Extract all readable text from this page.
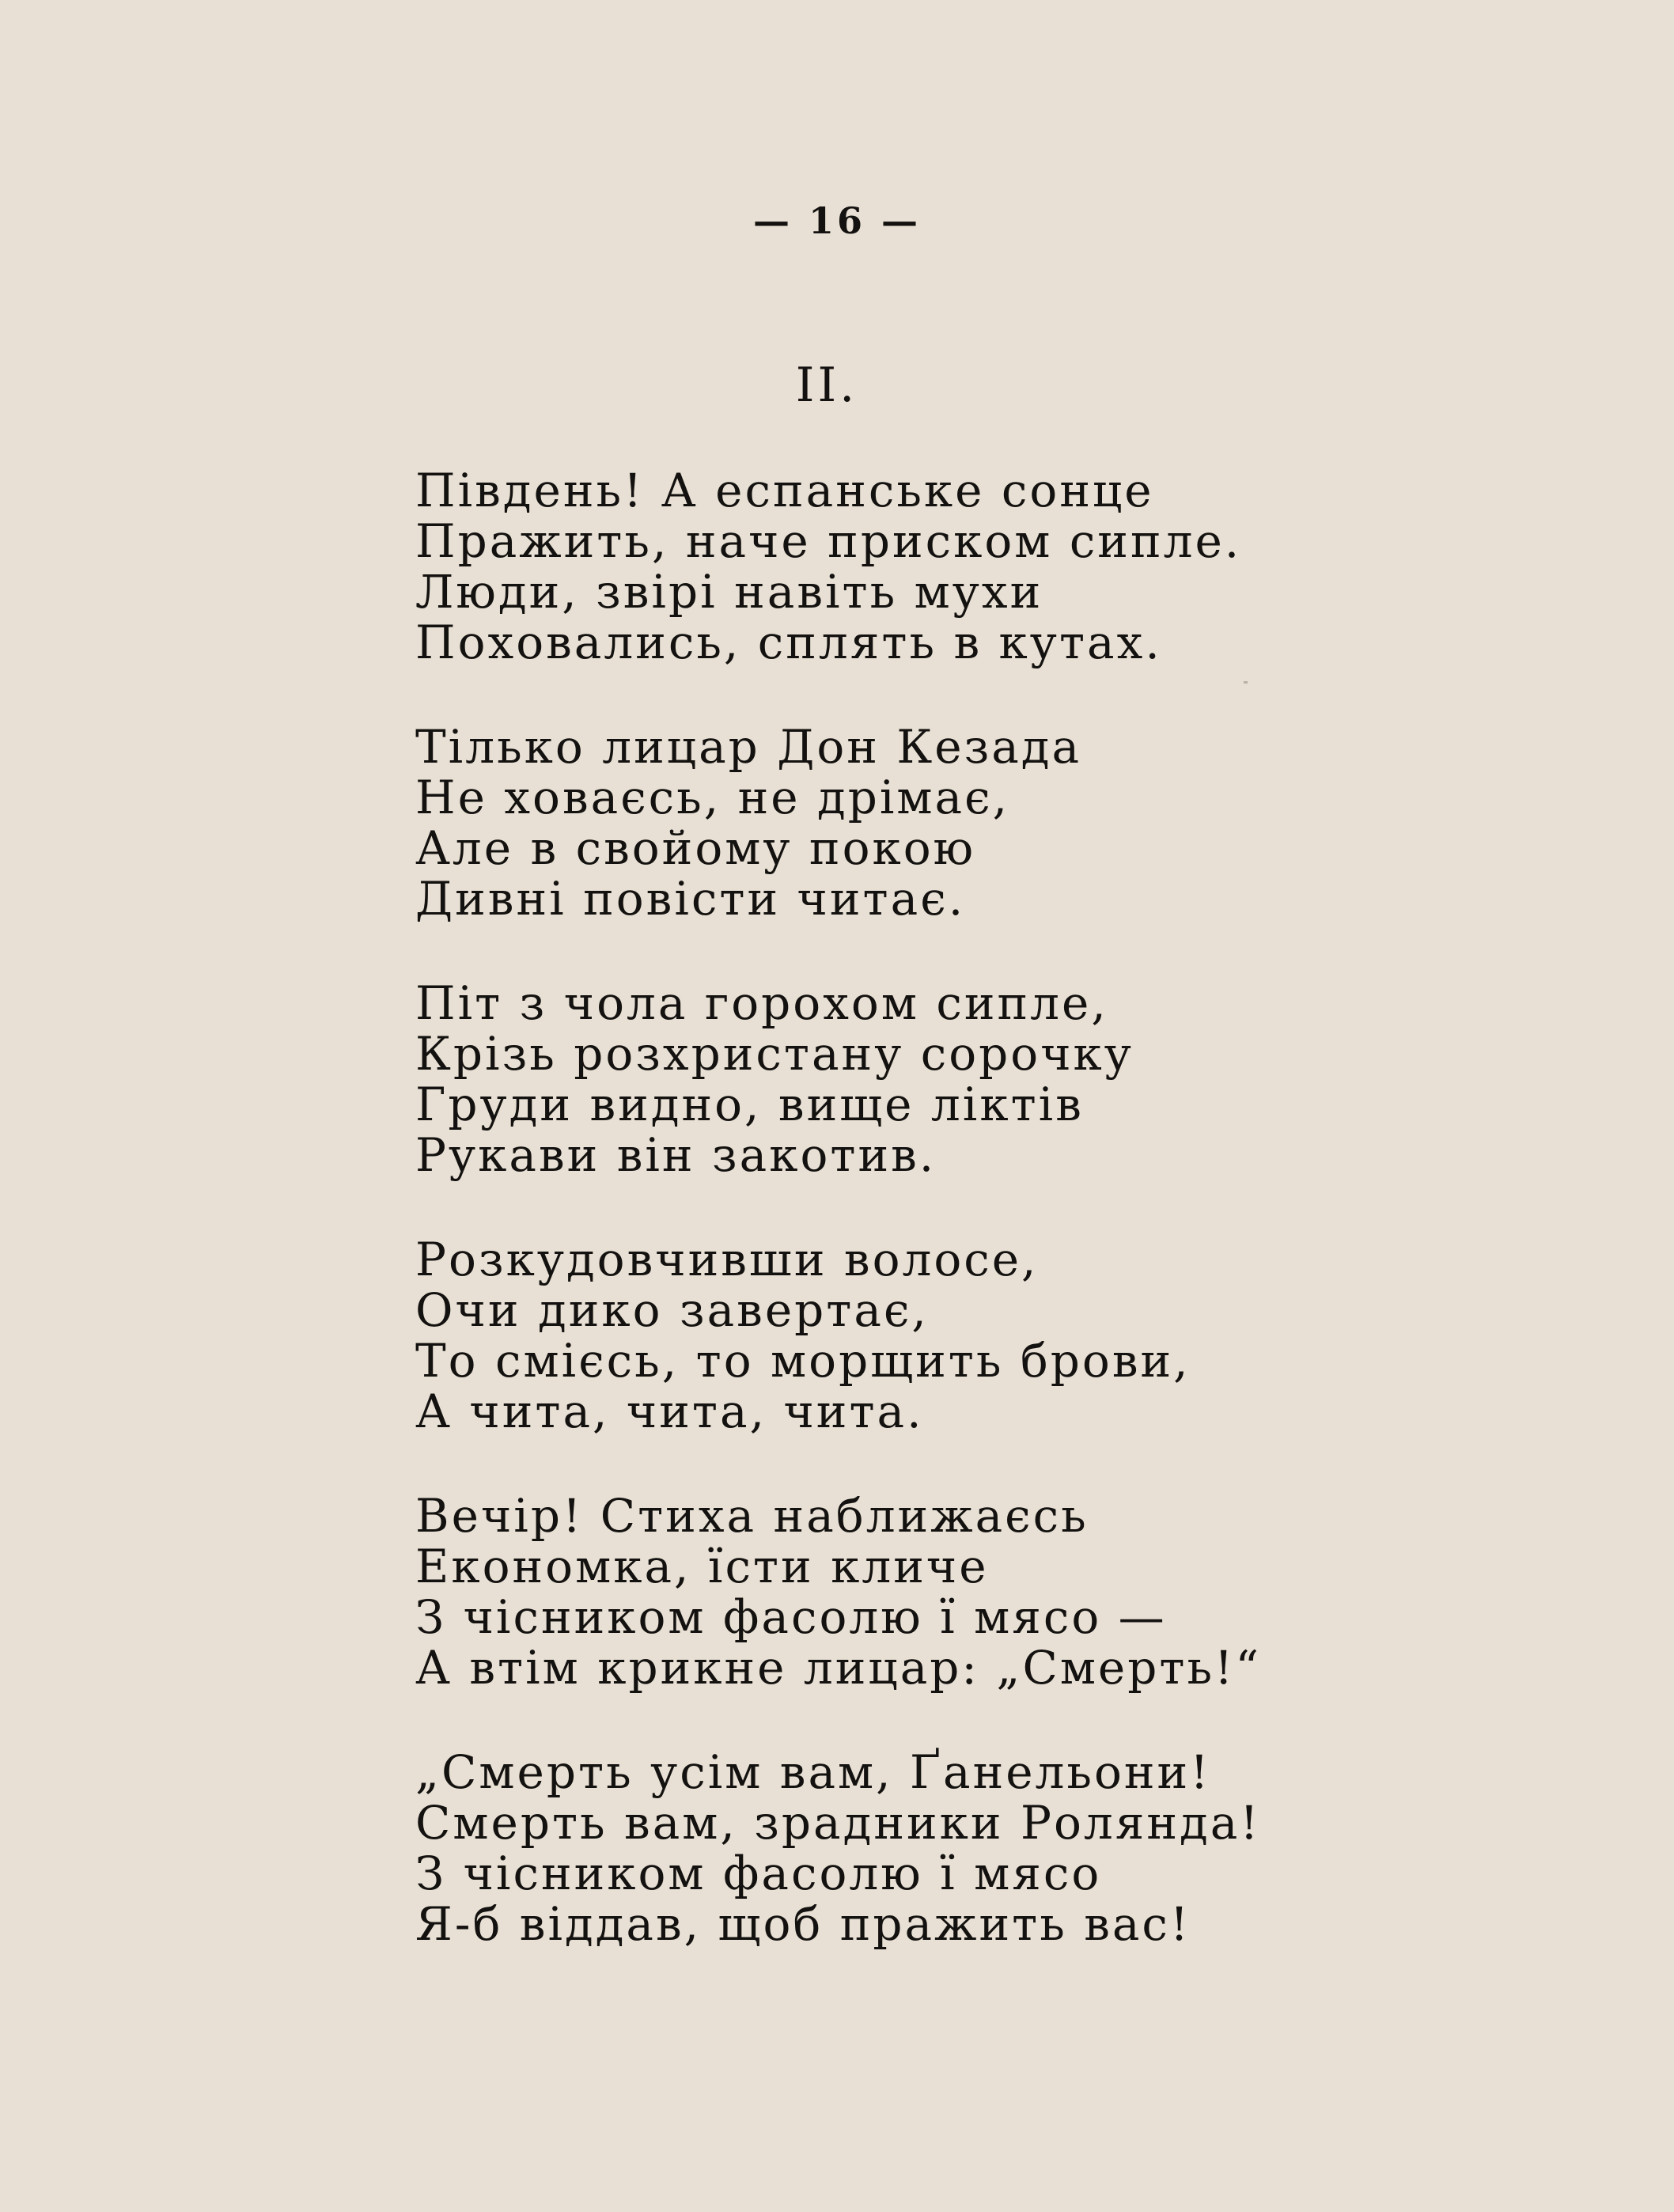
— 16 —
II.
Південь! А еспанське сонце
Пражить, наче приском сипле.
Люди, звірі навіть мухи
Поховались, сплять в кутах.
Тілько лицар Дон Кезада
Не ховаєсь, не дрімає,
Але в свойому покою
Дивні повісти читає.
Піт з чола горохом сипле,
Крізь розхристану сорочку
Груди видно, вище ліктів
Рукави він закотив.
Розкудовчивши волосе,
Очи дико завертає,
То смієсь, то морщить брови,
А чита, чита, чита.
Вечір! Стиха наближаєсь
Економка, їсти кличе
З чісником фасолю ї мясо —
А втім крикне лицар: „Смерть!“
„Смерть усім вам, Ґанельони!
Смерть вам, зрадники Роляндa!
З чісником фасолю ї мясо
Я-б віддав, щоб пражить вас!
